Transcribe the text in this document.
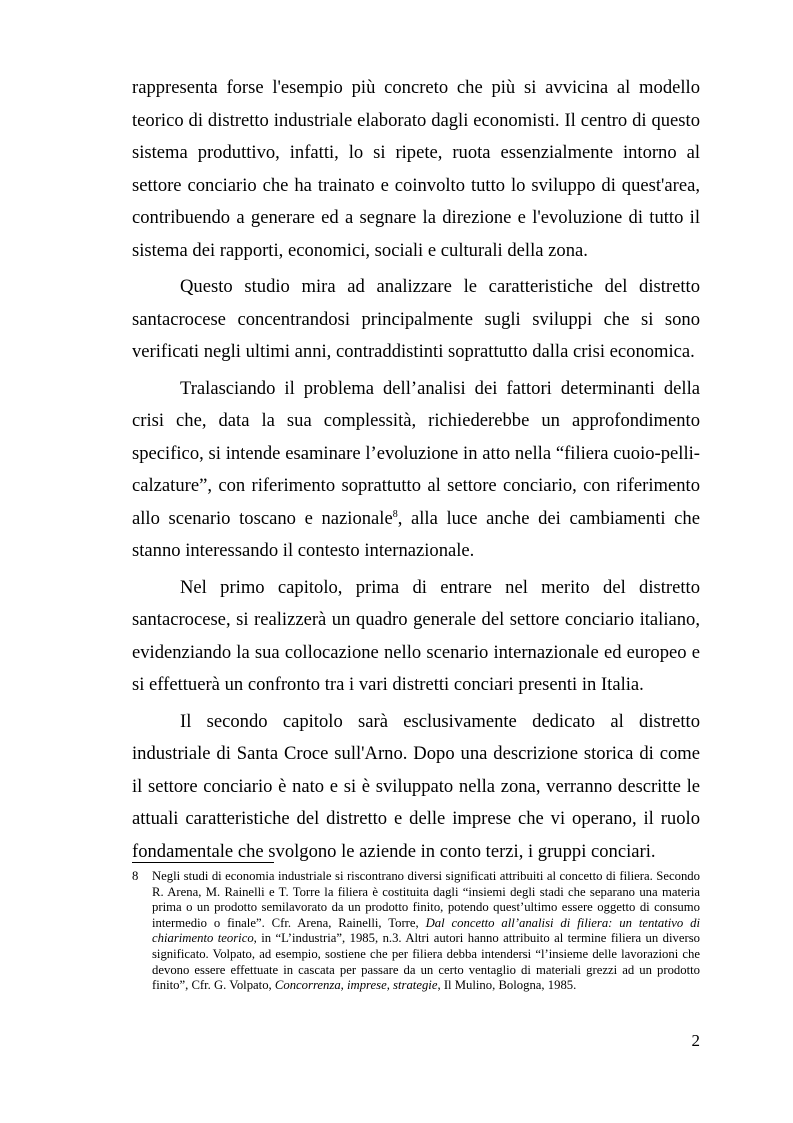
rappresenta forse l'esempio più concreto che più si avvicina al modello teorico di distretto industriale elaborato dagli economisti. Il centro di questo sistema produttivo, infatti, lo si ripete, ruota essenzialmente intorno al settore conciario che ha trainato e coinvolto tutto lo sviluppo di quest'area, contribuendo a generare ed a segnare la direzione e l'evoluzione di tutto il sistema dei rapporti, economici, sociali e culturali della zona.

Questo studio mira ad analizzare le caratteristiche del distretto santacrocese concentrandosi principalmente sugli sviluppi che si sono verificati negli ultimi anni, contraddistinti soprattutto dalla crisi economica.

Tralasciando il problema dell’analisi dei fattori determinanti della crisi che, data la sua complessità, richiederebbe un approfondimento specifico, si intende esaminare l’evoluzione in atto nella “filiera cuoio-pelli-calzature”, con riferimento soprattutto al settore conciario, con riferimento allo scenario toscano e nazionale$^8$, alla luce anche dei cambiamenti che stanno interessando il contesto internazionale.

Nel primo capitolo, prima di entrare nel merito del distretto santacrocese, si realizzerà un quadro generale del settore conciario italiano, evidenziando la sua collocazione nello scenario internazionale ed europeo e si effettuerà un confronto tra i vari distretti conciari presenti in Italia.

Il secondo capitolo sarà esclusivamente dedicato al distretto industriale di Santa Croce sull'Arno. Dopo una descrizione storica di come il settore conciario è nato e si è sviluppato nella zona, verranno descritte le attuali caratteristiche del distretto e delle imprese che vi operano, il ruolo fondamentale che svolgono le aziende in conto terzi, i gruppi conciari.

8	Negli studi di economia industriale si riscontrano diversi significati attribuiti al concetto di filiera. Secondo R. Arena, M. Rainelli e T. Torre la filiera è costituita dagli “insiemi degli stadi che separano una materia prima o un prodotto semilavorato da un prodotto finito, potendo quest’ultimo essere oggetto di consumo intermedio o finale”. Cfr. Arena, Rainelli, Torre, Dal concetto all’analisi di filiera: un tentativo di chiarimento teorico, in “L’industria”, 1985, n.3. Altri autori hanno attribuito al termine filiera un diverso significato. Volpato, ad esempio, sostiene che per filiera debba intendersi “l’insieme delle lavorazioni che devono essere effettuate in cascata per passare da un certo ventaglio di materiali grezzi ad un prodotto finito”, Cfr. G. Volpato, Concorrenza, imprese, strategie, Il Mulino, Bologna, 1985.

2
